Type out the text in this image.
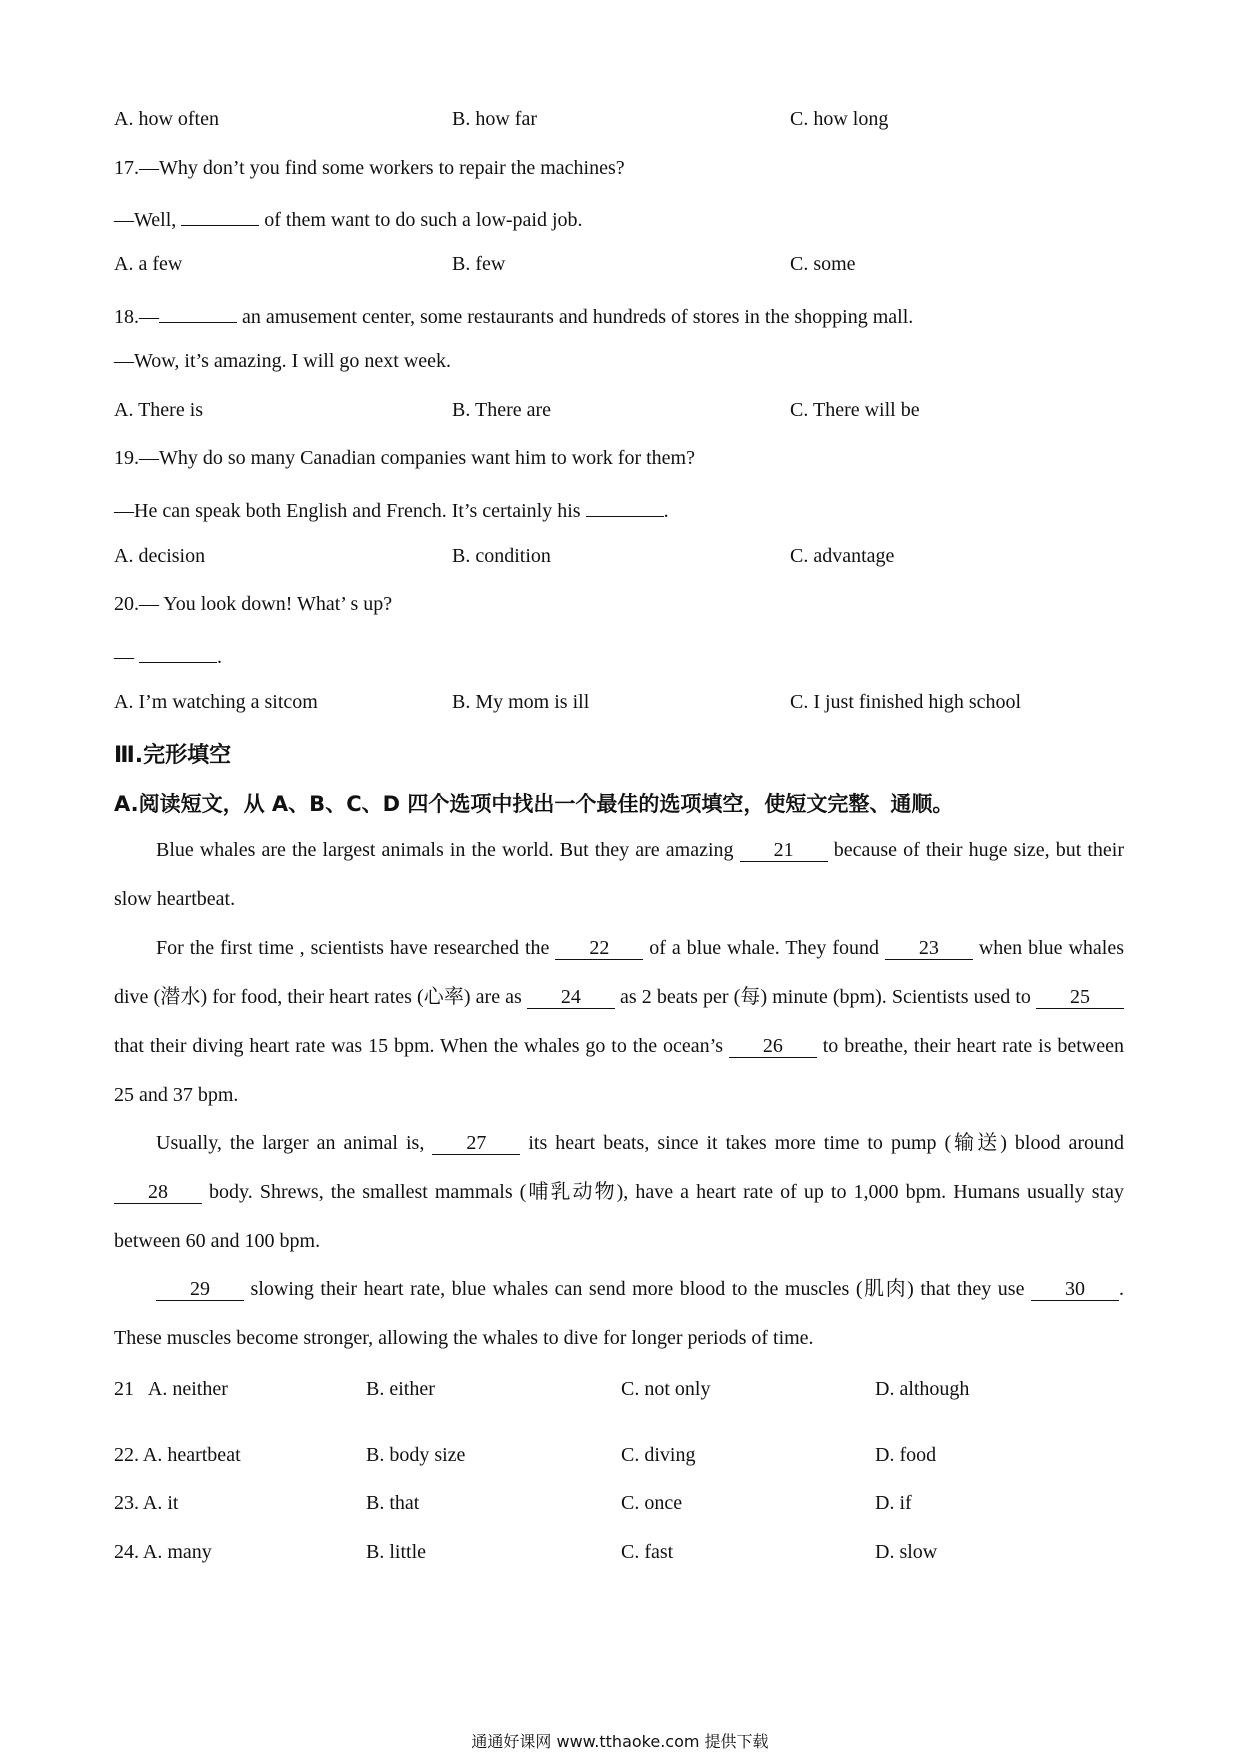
A. how often	B. how far	C. how long
17.—Why don’t you find some workers to repair the machines?
—Well,	of them want to do such a low-paid job.
A. a few	B. few	C. some
18.—	an amusement center, some restaurants and hundreds of stores in the shopping mall.
—Wow, it’s amazing. I will go next week.
A. There is	B. There are	C. There will be
19.—Why do so many Canadian companies want him to work for them?
—He can speak both English and French. It’s certainly his	.
A. decision	B. condition	C. advantage
20.— You look down! What’ s up?
—	.
A. I’m watching a sitcom	B. My mom is ill	C. I just finished high school
Ⅲ.完形填空
A.阅读短文，从 A、B、C、D 四个选项中找出一个最佳的选项填空，使短文完整、通顺。
Blue whales are the largest animals in the world. But they are amazing 21 because of their huge size, but their slow heartbeat.
For the first time , scientists have researched the 22 of a blue whale. They found 23 when blue whales dive (潜水) for food, their heart rates (心率) are as 24 as 2 beats per (每) minute (bpm). Scientists used to 25 that their diving heart rate was 15 bpm. When the whales go to the ocean’s 26 to breathe, their heart rate is between 25 and 37 bpm.
Usually, the larger an animal is, 27 its heart beats, since it takes more time to pump (输送) blood around 28 body. Shrews, the smallest mammals (哺乳动物), have a heart rate of up to 1,000 bpm. Humans usually stay between 60 and 100 bpm.
29 slowing their heart rate, blue whales can send more blood to the muscles (肌肉) that they use 30 . These muscles become stronger, allowing the whales to dive for longer periods of time.
21   A. neither	B. either	C. not only	D. although
22. A. heartbeat	B. body size	C. diving	D. food
23. A. it	B. that	C. once	D. if
24. A. many	B. little	C. fast	D. slow
通通好课网 www.tthaoke.com 提供下载
